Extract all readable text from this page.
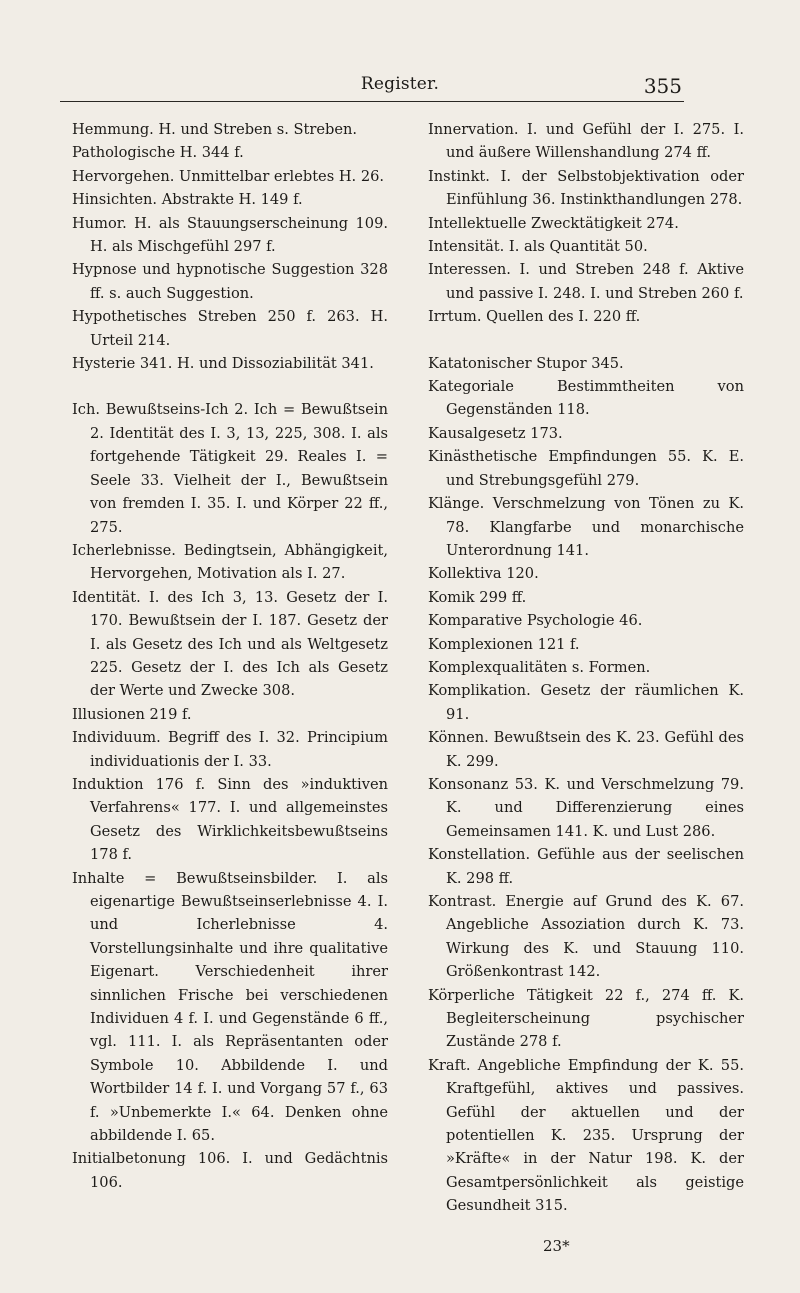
Register.	355
Hemmung. H. und Streben s. Streben.
Pathologische H. 344 f.
Hervorgehen. Unmittelbar erlebtes H. 26.
Hinsichten. Abstrakte H. 149 f.
Humor. H. als Stauungserscheinung 109. H. als Mischgefühl 297 f.
Hypnose und hypnotische Suggestion 328 ff. s. auch Suggestion.
Hypothetisches Streben 250 f. 263. H. Urteil 214.
Hysterie 341. H. und Dissoziabilität 341.
Ich. Bewußtseins-Ich 2. Ich = Bewußtsein 2. Identität des I. 3, 13, 225, 308. I. als fortgehende Tätigkeit 29. Reales I. = Seele 33. Vielheit der I., Bewußtsein von fremden I. 35. I. und Körper 22 ff., 275.
Icherlebnisse. Bedingtsein, Abhängigkeit, Hervorgehen, Motivation als I. 27.
Identität. I. des Ich 3, 13. Gesetz der I. 170. Bewußtsein der I. 187. Gesetz der I. als Gesetz des Ich und als Weltgesetz 225. Gesetz der I. des Ich als Gesetz der Werte und Zwecke 308.
Illusionen 219 f.
Individuum. Begriff des I. 32. Principium individuationis der I. 33.
Induktion 176 f. Sinn des »induktiven Verfahrens« 177. I. und allgemeinstes Gesetz des Wirklichkeitsbewußtseins 178 f.
Inhalte = Bewußtseinsbilder. I. als eigenartige Bewußtseinserlebnisse 4. I. und Icherlebnisse 4. Vorstellungsinhalte und ihre qualitative Eigenart. Verschiedenheit ihrer sinnlichen Frische bei verschiedenen Individuen 4 f. I. und Gegenstände 6 ff., vgl. 111. I. als Repräsentanten oder Symbole 10. Abbildende I. und Wortbilder 14 f. I. und Vorgang 57 f., 63 f. »Unbemerkte I.« 64. Denken ohne abbildende I. 65.
Initialbetonung 106. I. und Gedächtnis 106.
Innervation. I. und Gefühl der I. 275. I. und äußere Willenshandlung 274 ff.
Instinkt. I. der Selbstobjektivation oder Einfühlung 36. Instinkthandlungen 278.
Intellektuelle Zwecktätigkeit 274.
Intensität. I. als Quantität 50.
Interessen. I. und Streben 248 f. Aktive und passive I. 248. I. und Streben 260 f.
Irrtum. Quellen des I. 220 ff.
Katatonischer Stupor 345.
Kategoriale Bestimmtheiten von Gegenständen 118.
Kausalgesetz 173.
Kinästhetische Empfindungen 55. K. E. und Strebungsgefühl 279.
Klänge. Verschmelzung von Tönen zu K. 78. Klangfarbe und monarchische Unterordnung 141.
Kollektiva 120.
Komik 299 ff.
Komparative Psychologie 46.
Komplexionen 121 f.
Komplexqualitäten s. Formen.
Komplikation. Gesetz der räumlichen K. 91.
Können. Bewußtsein des K. 23. Gefühl des K. 299.
Konsonanz 53. K. und Verschmelzung 79. K. und Differenzierung eines Gemeinsamen 141. K. und Lust 286.
Konstellation. Gefühle aus der seelischen K. 298 ff.
Kontrast. Energie auf Grund des K. 67. Angebliche Assoziation durch K. 73. Wirkung des K. und Stauung 110. Größenkontrast 142.
Körperliche Tätigkeit 22 f., 274 ff. K. Begleiterscheinung psychischer Zustände 278 f.
Kraft. Angebliche Empfindung der K. 55. Kraftgefühl, aktives und passives. Gefühl der aktuellen und der potentiellen K. 235. Ursprung der »Kräfte« in der Natur 198. K. der Gesamtpersönlichkeit als geistige Gesundheit 315.
23*
